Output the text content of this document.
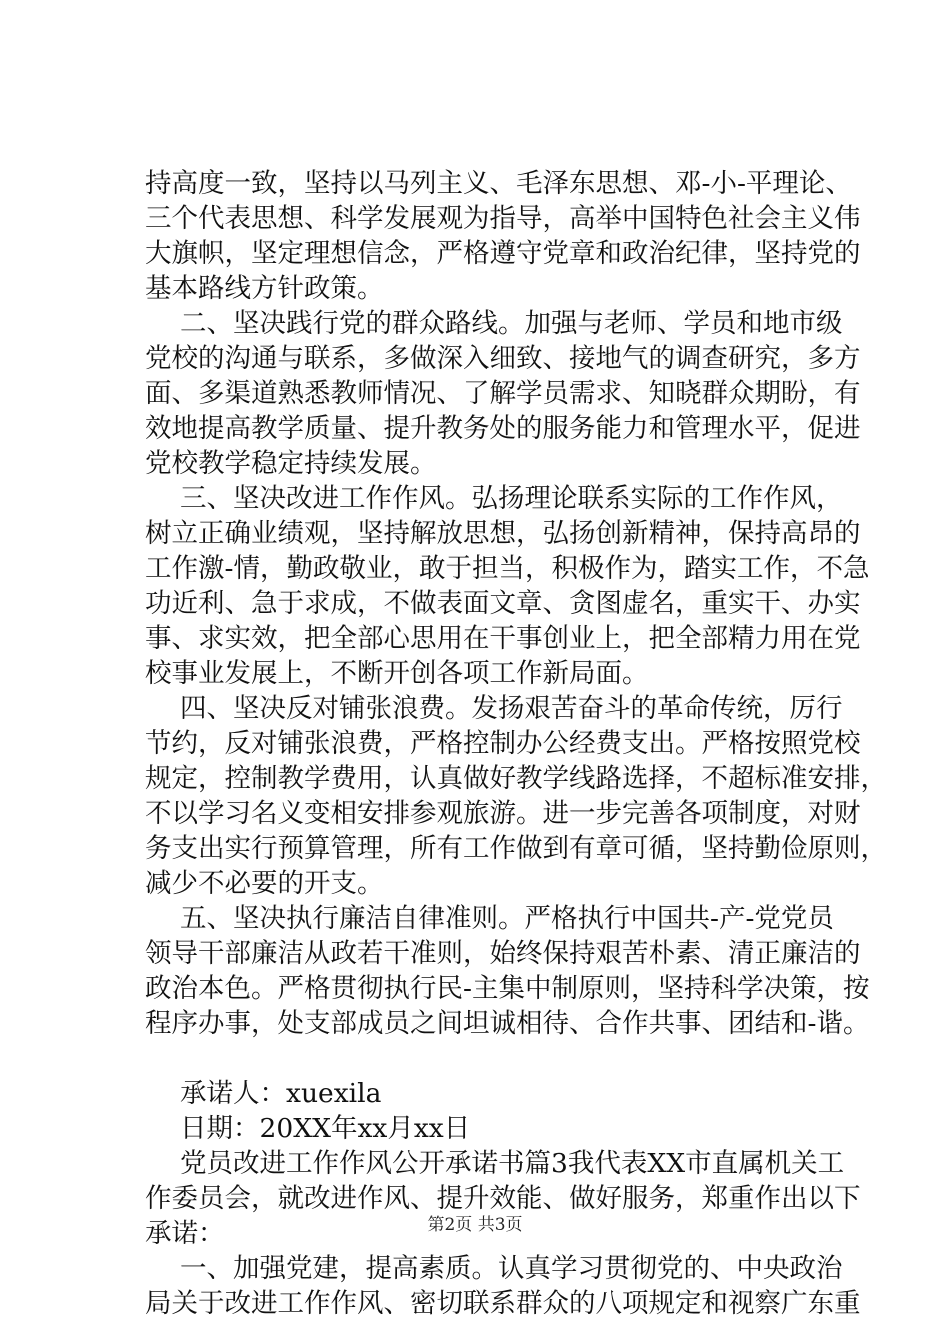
持高度一致，坚持以马列主义、毛泽东思想、邓-小-平理论、
三个代表思想、科学发展观为指导，高举中国特色社会主义伟
大旗帜，坚定理想信念，严格遵守党章和政治纪律，坚持党的
基本路线方针政策。
二、坚决践行党的群众路线。加强与老师、学员和地市级
党校的沟通与联系，多做深入细致、接地气的调查研究，多方
面、多渠道熟悉教师情况、了解学员需求、知晓群众期盼，有
效地提高教学质量、提升教务处的服务能力和管理水平，促进
党校教学稳定持续发展。
三、坚决改进工作作风。弘扬理论联系实际的工作作风，
树立正确业绩观，坚持解放思想，弘扬创新精神，保持高昂的
工作激-情，勤政敬业，敢于担当，积极作为，踏实工作，不急
功近利、急于求成，不做表面文章、贪图虚名，重实干、办实
事、求实效，把全部心思用在干事创业上，把全部精力用在党
校事业发展上，不断开创各项工作新局面。
四、坚决反对铺张浪费。发扬艰苦奋斗的革命传统，厉行
节约，反对铺张浪费，严格控制办公经费支出。严格按照党校
规定，控制教学费用，认真做好教学线路选择，不超标准安排，
不以学习名义变相安排参观旅游。进一步完善各项制度，对财
务支出实行预算管理，所有工作做到有章可循，坚持勤俭原则，
减少不必要的开支。
五、坚决执行廉洁自律准则。严格执行中国共-产-党党员
领导干部廉洁从政若干准则，始终保持艰苦朴素、清正廉洁的
政治本色。严格贯彻执行民-主集中制原则，坚持科学决策，按
程序办事，处支部成员之间坦诚相待、合作共事、团结和-谐。
承诺人：xuexila
日期：20XX年xx月xx日
党员改进工作作风公开承诺书篇3我代表XX市直属机关工
作委员会，就改进作风、提升效能、做好服务，郑重作出以下
承诺：
一、加强党建，提高素质。认真学习贯彻党的、中央政治
局关于改进工作作风、密切联系群众的八项规定和视察广东重
第2页 共3页
